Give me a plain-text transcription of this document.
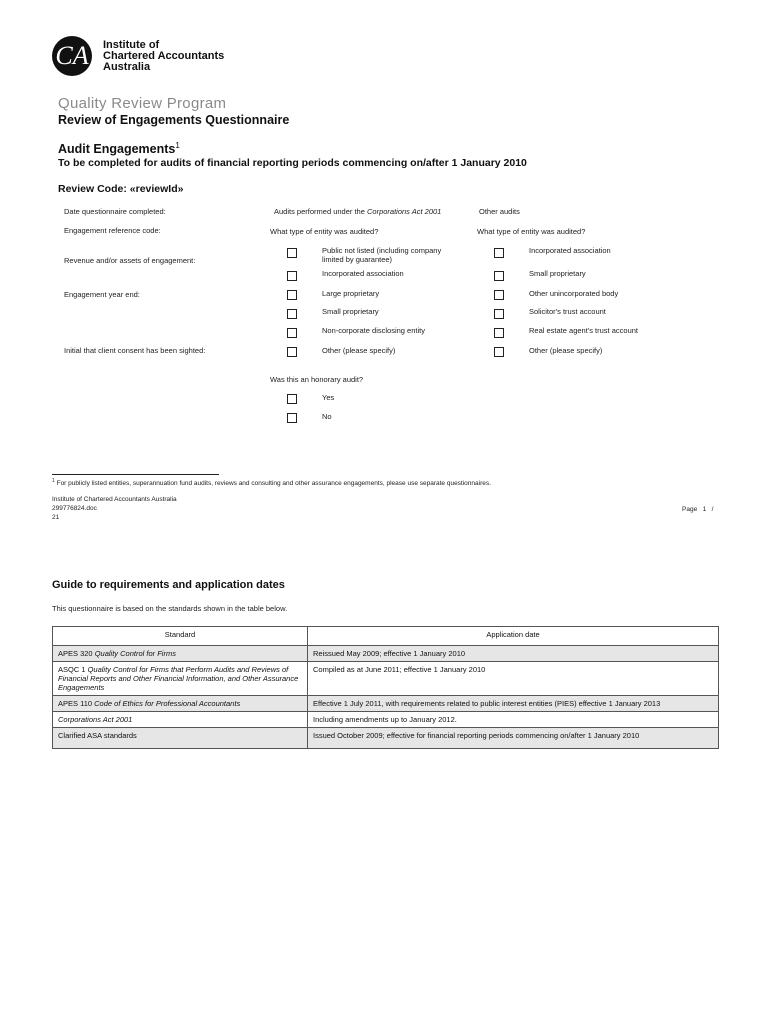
CA	Institute of
Chartered Accountants
Australia
Quality Review Program
Review of Engagements Questionnaire
Audit Engagements$^1$
To be completed for audits of financial reporting periods commencing on/after 1 January 2010
Review Code: «reviewId»
Date questionnaire completed:
Engagement reference code:
Revenue and/or assets of engagement:
Engagement year end:
Initial that client consent has been sighted:
Audits performed under the Corporations Act 2001
What type of entity was audited?
Public not listed (including company limited by guarantee)
Incorporated association
Large proprietary
Small proprietary
Non-corporate disclosing entity
Other (please specify)
Other audits
What type of entity was audited?
Incorporated association
Small proprietary
Other unincorporated body
Solicitor's trust account
Real estate agent's trust account
Other (please specify)
Was this an honorary audit?
Yes
No
$^1$ For publicly listed entities, superannuation fund audits, reviews and consulting and other assurance engagements, please use separate questionnaires.
Institute of Chartered Accountants Australia
299776824.doc
21
Page 1 /
Guide to requirements and application dates
This questionnaire is based on the standards shown in the table below.
Standard	Application date
APES 320 Quality Control for Firms	Reissued May 2009; effective 1 January 2010
ASQC 1 Quality Control for Firms that Perform Audits and Reviews of Financial Reports and Other Financial Information, and Other Assurance Engagements	Compiled as at June 2011; effective 1 January 2010
APES 110 Code of Ethics for Professional Accountants	Effective 1 July 2011, with requirements related to public interest entities (PIES) effective 1 January 2013
Corporations Act 2001	Including amendments up to January 2012.
Clarified ASA standards	Issued October 2009; effective for financial reporting periods commencing on/after 1 January 2010
